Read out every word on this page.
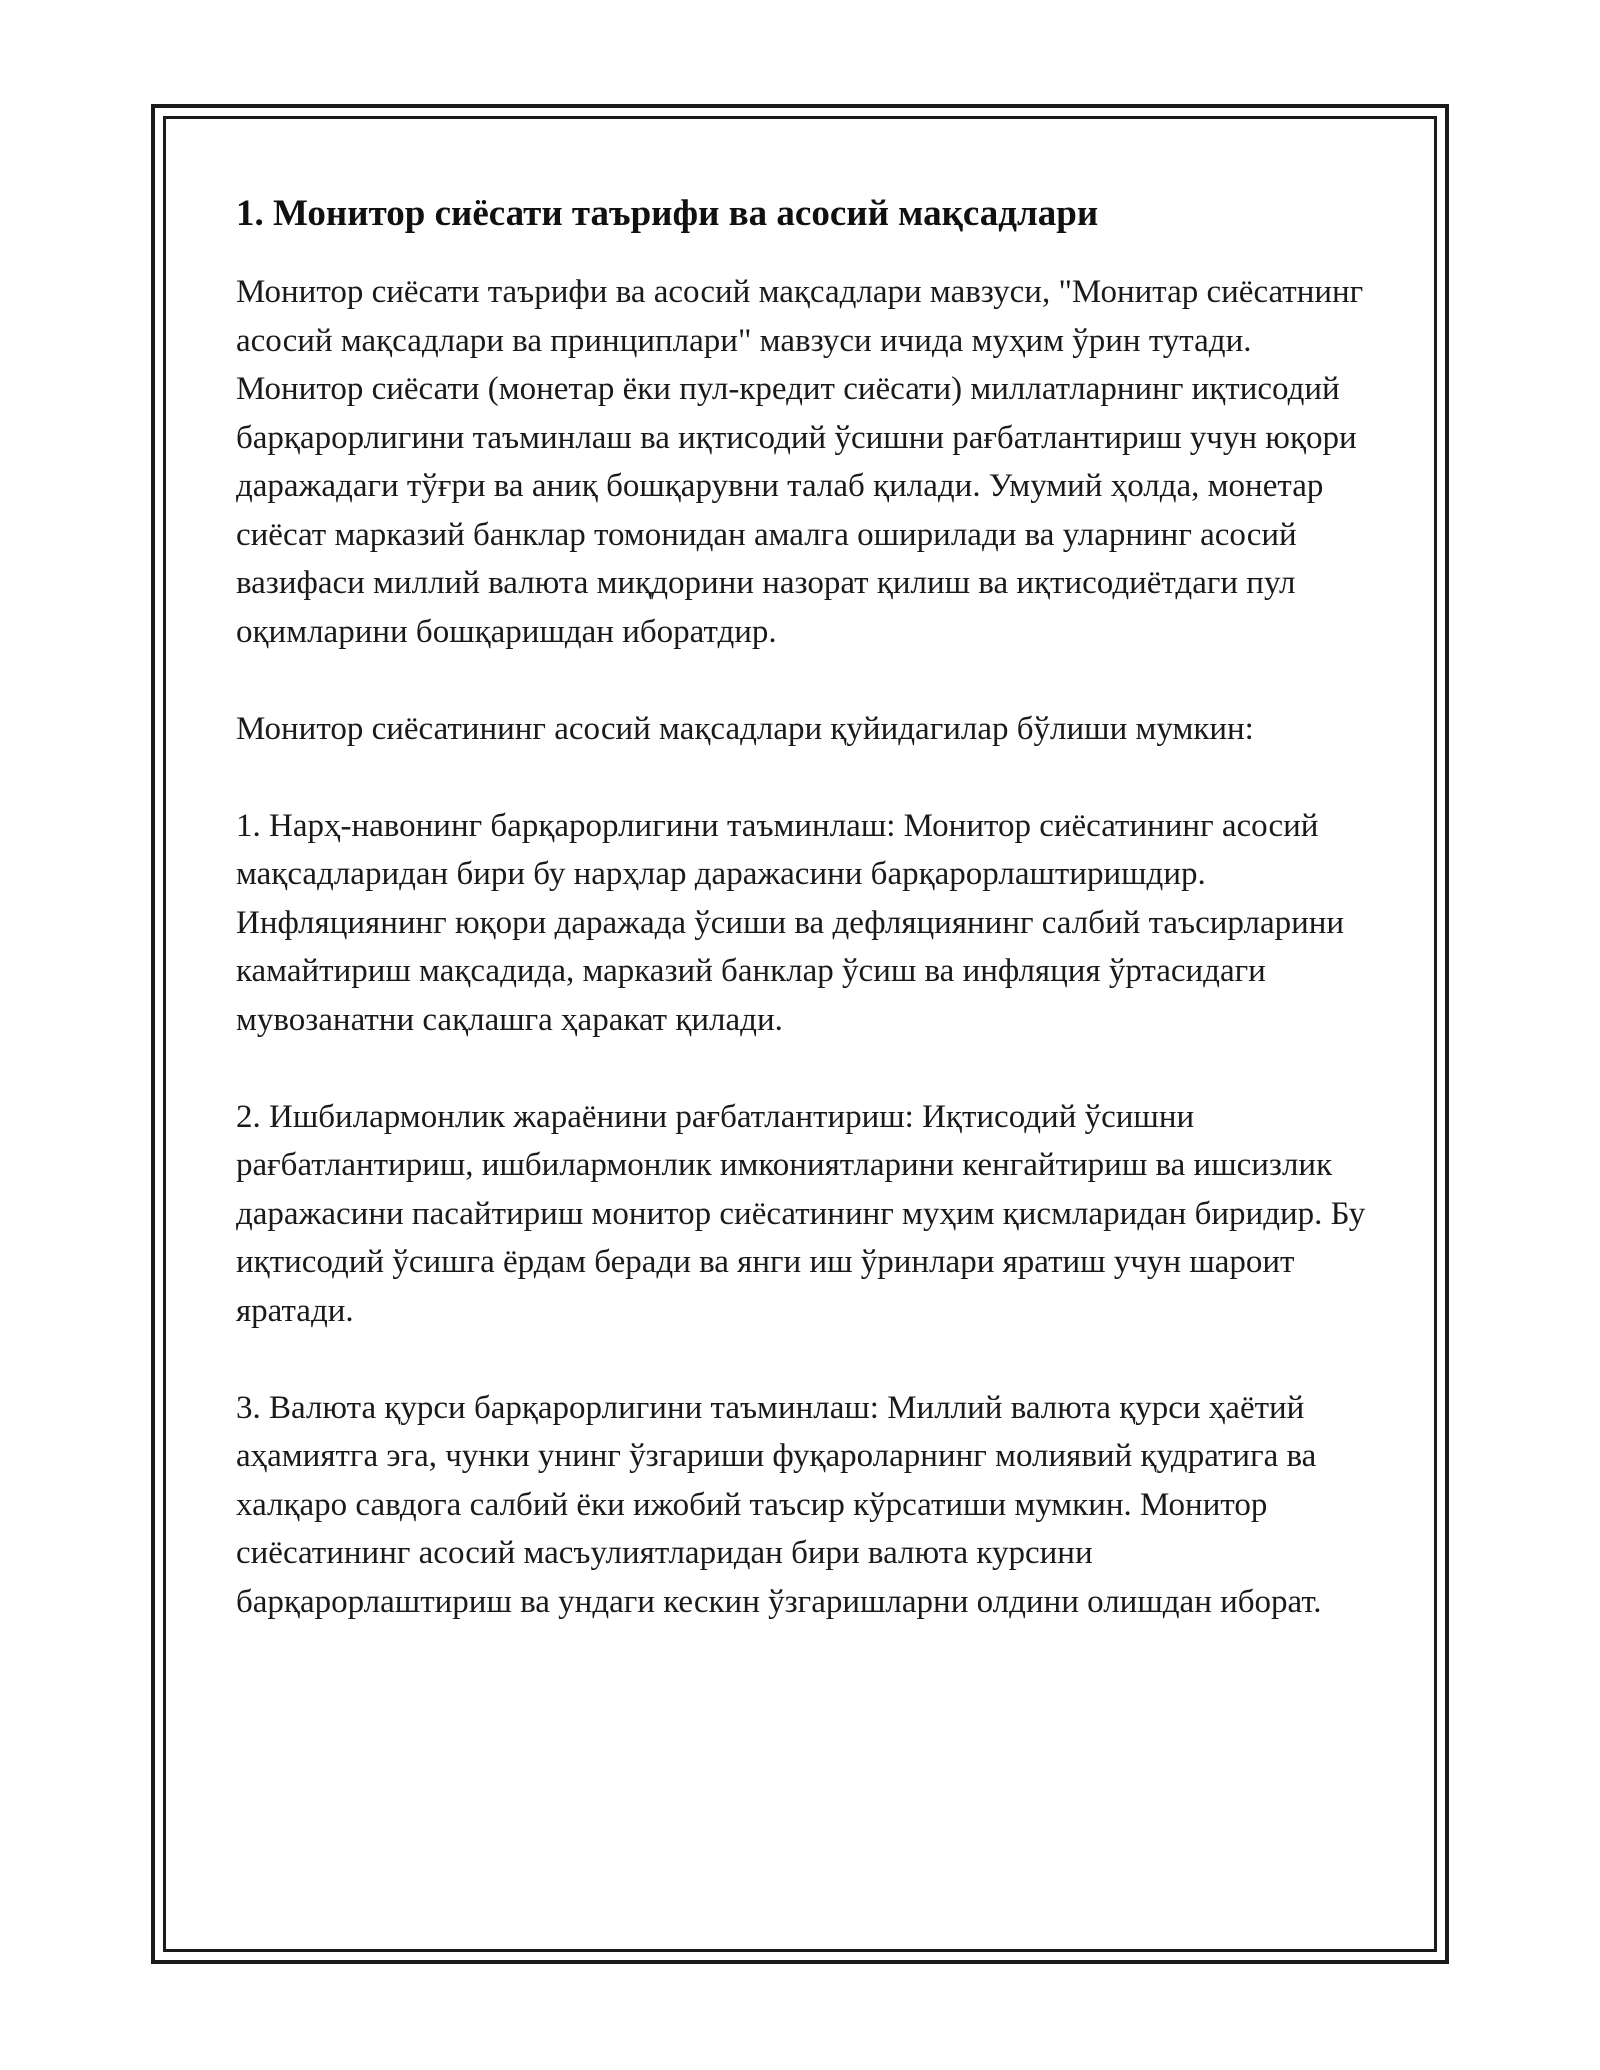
1. Монитор сиёсати таърифи ва асосий мақсадлари

Монитор сиёсати таърифи ва асосий мақсадлари мавзуси, "Монитар сиёсатнинг асосий мақсадлари ва принциплари" мавзуси ичида муҳим ўрин тутади. Монитор сиёсати (монетар ёки пул-кредит сиёсати) миллатларнинг иқтисодий барқарорлигини таъминлаш ва иқтисодий ўсишни рағбатлантириш учун юқори даражадаги тўғри ва аниқ бошқарувни талаб қилади. Умумий ҳолда, монетар сиёсат марказий банклар томонидан амалга оширилади ва уларнинг асосий вазифаси миллий валюта миқдорини назорат қилиш ва иқтисодиётдаги пул оқимларини бошқаришдан иборатдир.

Монитор сиёсатининг асосий мақсадлари қуйидагилар бўлиши мумкин:

1. Нарҳ-навонинг барқарорлигини таъминлаш: Монитор сиёсатининг асосий мақсадларидан бири бу нарҳлар даражасини барқарорлаштиришдир. Инфляциянинг юқори даражада ўсиши ва дефляциянинг салбий таъсирларини камайтириш мақсадида, марказий банклар ўсиш ва инфляция ўртасидаги мувозанатни сақлашга ҳаракат қилади.

2. Ишбилармонлик жараёнини рағбатлантириш: Иқтисодий ўсишни рағбатлантириш, ишбилармонлик имкониятларини кенгайтириш ва ишсизлик даражасини пасайтириш монитор сиёсатининг муҳим қисмларидан биридир. Бу иқтисодий ўсишга ёрдам беради ва янги иш ўринлари яратиш учун шароит яратади.

3. Валюта қурси барқарорлигини таъминлаш: Миллий валюта қурси ҳаётий аҳамиятга эга, чунки унинг ўзгариши фуқароларнинг молиявий қудратига ва халқаро савдога салбий ёки ижобий таъсир кўрсатиши мумкин. Монитор сиёсатининг асосий масъулиятларидан бири валюта курсини барқарорлаштириш ва ундаги кескин ўзгаришларни олдини олишдан иборат.
